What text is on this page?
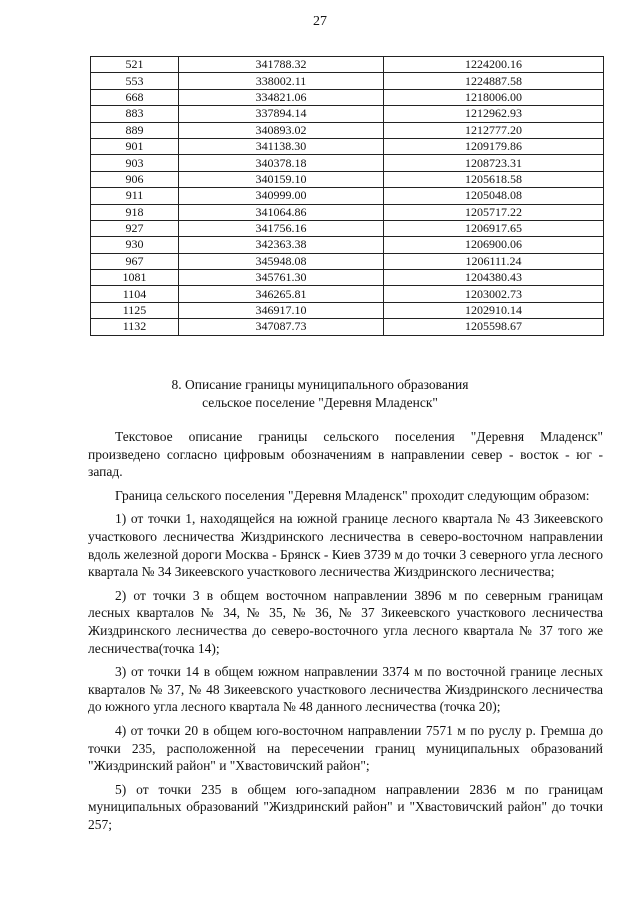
27
521	341788.32	1224200.16
553	338002.11	1224887.58
668	334821.06	1218006.00
883	337894.14	1212962.93
889	340893.02	1212777.20
901	341138.30	1209179.86
903	340378.18	1208723.31
906	340159.10	1205618.58
911	340999.00	1205048.08
918	341064.86	1205717.22
927	341756.16	1206917.65
930	342363.38	1206900.06
967	345948.08	1206111.24
1081	345761.30	1204380.43
1104	346265.81	1203002.73
1125	346917.10	1202910.14
1132	347087.73	1205598.67
8. Описание границы муниципального образования
сельское поселение "Деревня Младенск"

Текстовое описание границы сельского поселения "Деревня Младенск" произведено согласно цифровым обозначениям в направлении север - восток - юг - запад.

Граница сельского поселения "Деревня Младенск" проходит следующим образом:

1) от точки 1, находящейся на южной границе лесного квартала № 43 Зикеевского участкового лесничества Жиздринского лесничества в северо-восточном направлении вдоль железной дороги Москва - Брянск - Киев 3739 м до точки 3 северного угла лесного квартала № 34 Зикеевского участкового лесничества Жиздринского лесничества;

2) от точки 3 в общем восточном направлении 3896 м по северным границам лесных кварталов № 34, № 35, № 36, № 37 Зикеевского участкового лесничества Жиздринского лесничества до северо-восточного угла лесного квартала № 37 того же лесничества(точка 14);

3) от точки 14 в общем южном направлении 3374 м по восточной границе лесных кварталов № 37, № 48 Зикеевского участкового лесничества Жиздринского лесничества до южного угла лесного квартала № 48 данного лесничества (точка 20);

4) от точки 20 в общем юго-восточном направлении 7571 м по руслу р. Гремша до точки 235, расположенной на пересечении границ муниципальных образований "Жиздринский район" и "Хвастовичский район";

5) от точки 235 в общем юго-западном направлении 2836 м по границам муниципальных образований "Жиздринский район" и "Хвастовичский район" до точки 257;
